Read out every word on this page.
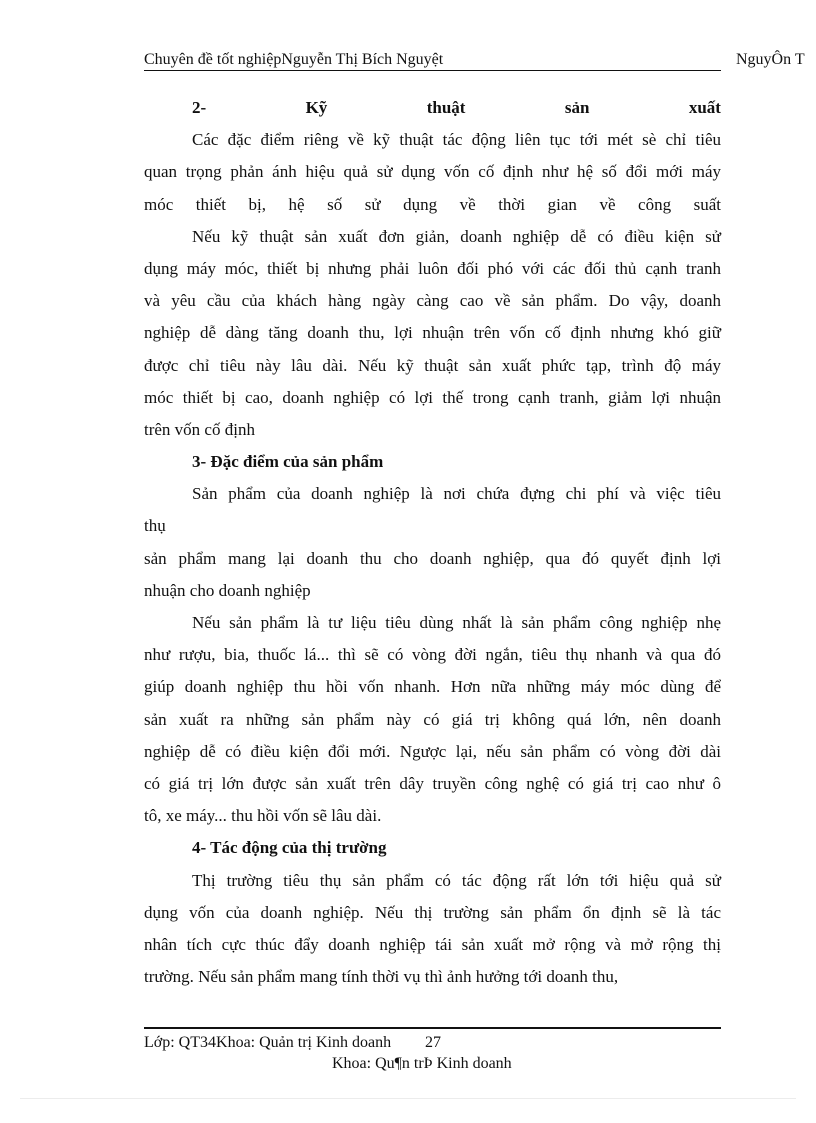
Chuyên đề tốt nghiệpNguyễn Thị Bích Nguyệt	NguyÔn T
2-	Kỹ	thuật	sản	xuất
Các đặc điểm riêng về kỹ thuật tác động liên tục tới mét sè chỉ tiêu
quan trọng phản ánh hiệu quả sử dụng vốn cố định như hệ số đổi mới máy
móc thiết bị, hệ số sử dụng về thời gian về công suất
Nếu kỹ thuật sản xuất đơn giản, doanh nghiệp dễ có điều kiện sử
dụng máy móc, thiết bị nhưng phải luôn đối phó với các đối thủ cạnh tranh
và yêu cầu của khách hàng ngày càng cao về sản phẩm. Do vậy, doanh
nghiệp dễ dàng tăng doanh thu, lợi nhuận trên vốn cố định nhưng khó giữ
được chỉ tiêu này lâu dài. Nếu kỹ thuật sản xuất phức tạp, trình độ máy
móc thiết bị cao, doanh nghiệp có lợi thế trong cạnh tranh, giảm lợi nhuận
trên vốn cố định
3- Đặc điểm của sản phẩm
Sản phẩm của doanh nghiệp là nơi chứa đựng chi phí và việc tiêu
thụ
sản phẩm mang lại doanh thu cho doanh nghiệp, qua đó quyết định lợi
nhuận cho doanh nghiệp
Nếu sản phẩm là tư liệu tiêu dùng nhất là sản phẩm công nghiệp nhẹ
như rượu, bia, thuốc lá... thì sẽ có vòng đời ngắn, tiêu thụ nhanh và qua đó
giúp doanh nghiệp thu hồi vốn nhanh. Hơn nữa những máy móc dùng để
sản xuất ra những sản phẩm này có giá trị không quá lớn, nên doanh
nghiệp dễ có điều kiện đổi mới. Ngược lại, nếu sản phẩm có vòng đời dài
có giá trị lớn được sản xuất trên dây truyền công nghệ có giá trị cao như ô
tô, xe máy... thu hồi vốn sẽ lâu dài.
4- Tác động của thị trường
Thị trường tiêu thụ sản phẩm có tác động rất lớn tới hiệu quả sử
dụng vốn của doanh nghiệp. Nếu thị trường sản phẩm ổn định sẽ là tác
nhân tích cực thúc đẩy doanh nghiệp tái sản xuất mở rộng và mở rộng thị
trường. Nếu sản phẩm mang tính thời vụ thì ảnh hưởng tới doanh thu,
Lớp: QT34Khoa: Quản trị Kinh doanh 27
Khoa: Qu¶n trÞ Kinh doanh
